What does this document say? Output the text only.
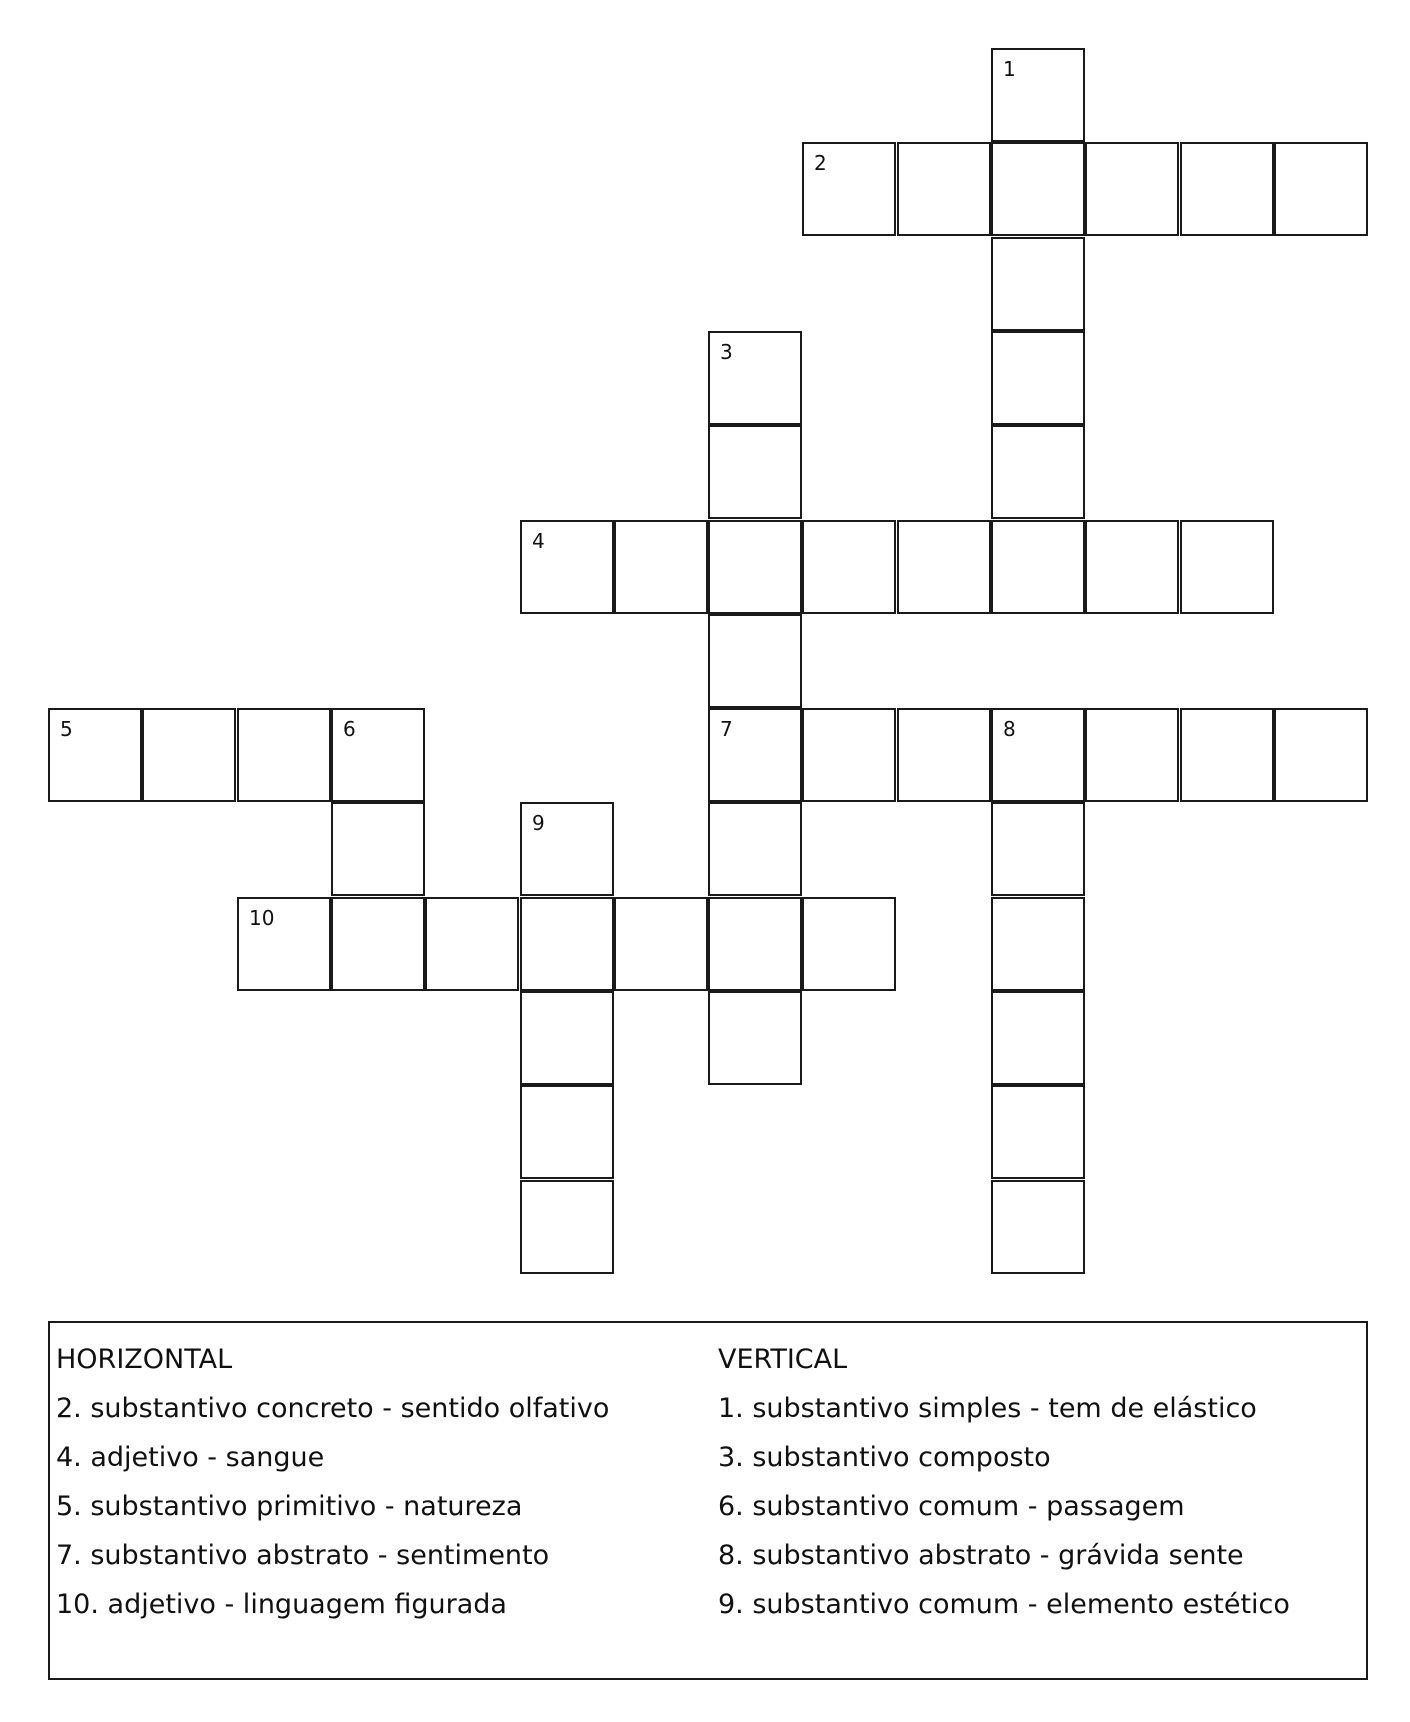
1
2
3
4
5	6	7	8
9
10

HORIZONTAL

2. substantivo concreto - sentido olfativo

4. adjetivo - sangue

5. substantivo primitivo - natureza

7. substantivo abstrato - sentimento

10. adjetivo - linguagem figurada

VERTICAL

1. substantivo simples - tem de elástico

3. substantivo composto

6. substantivo comum - passagem

8. substantivo abstrato - grávida sente

9. substantivo comum - elemento estético
